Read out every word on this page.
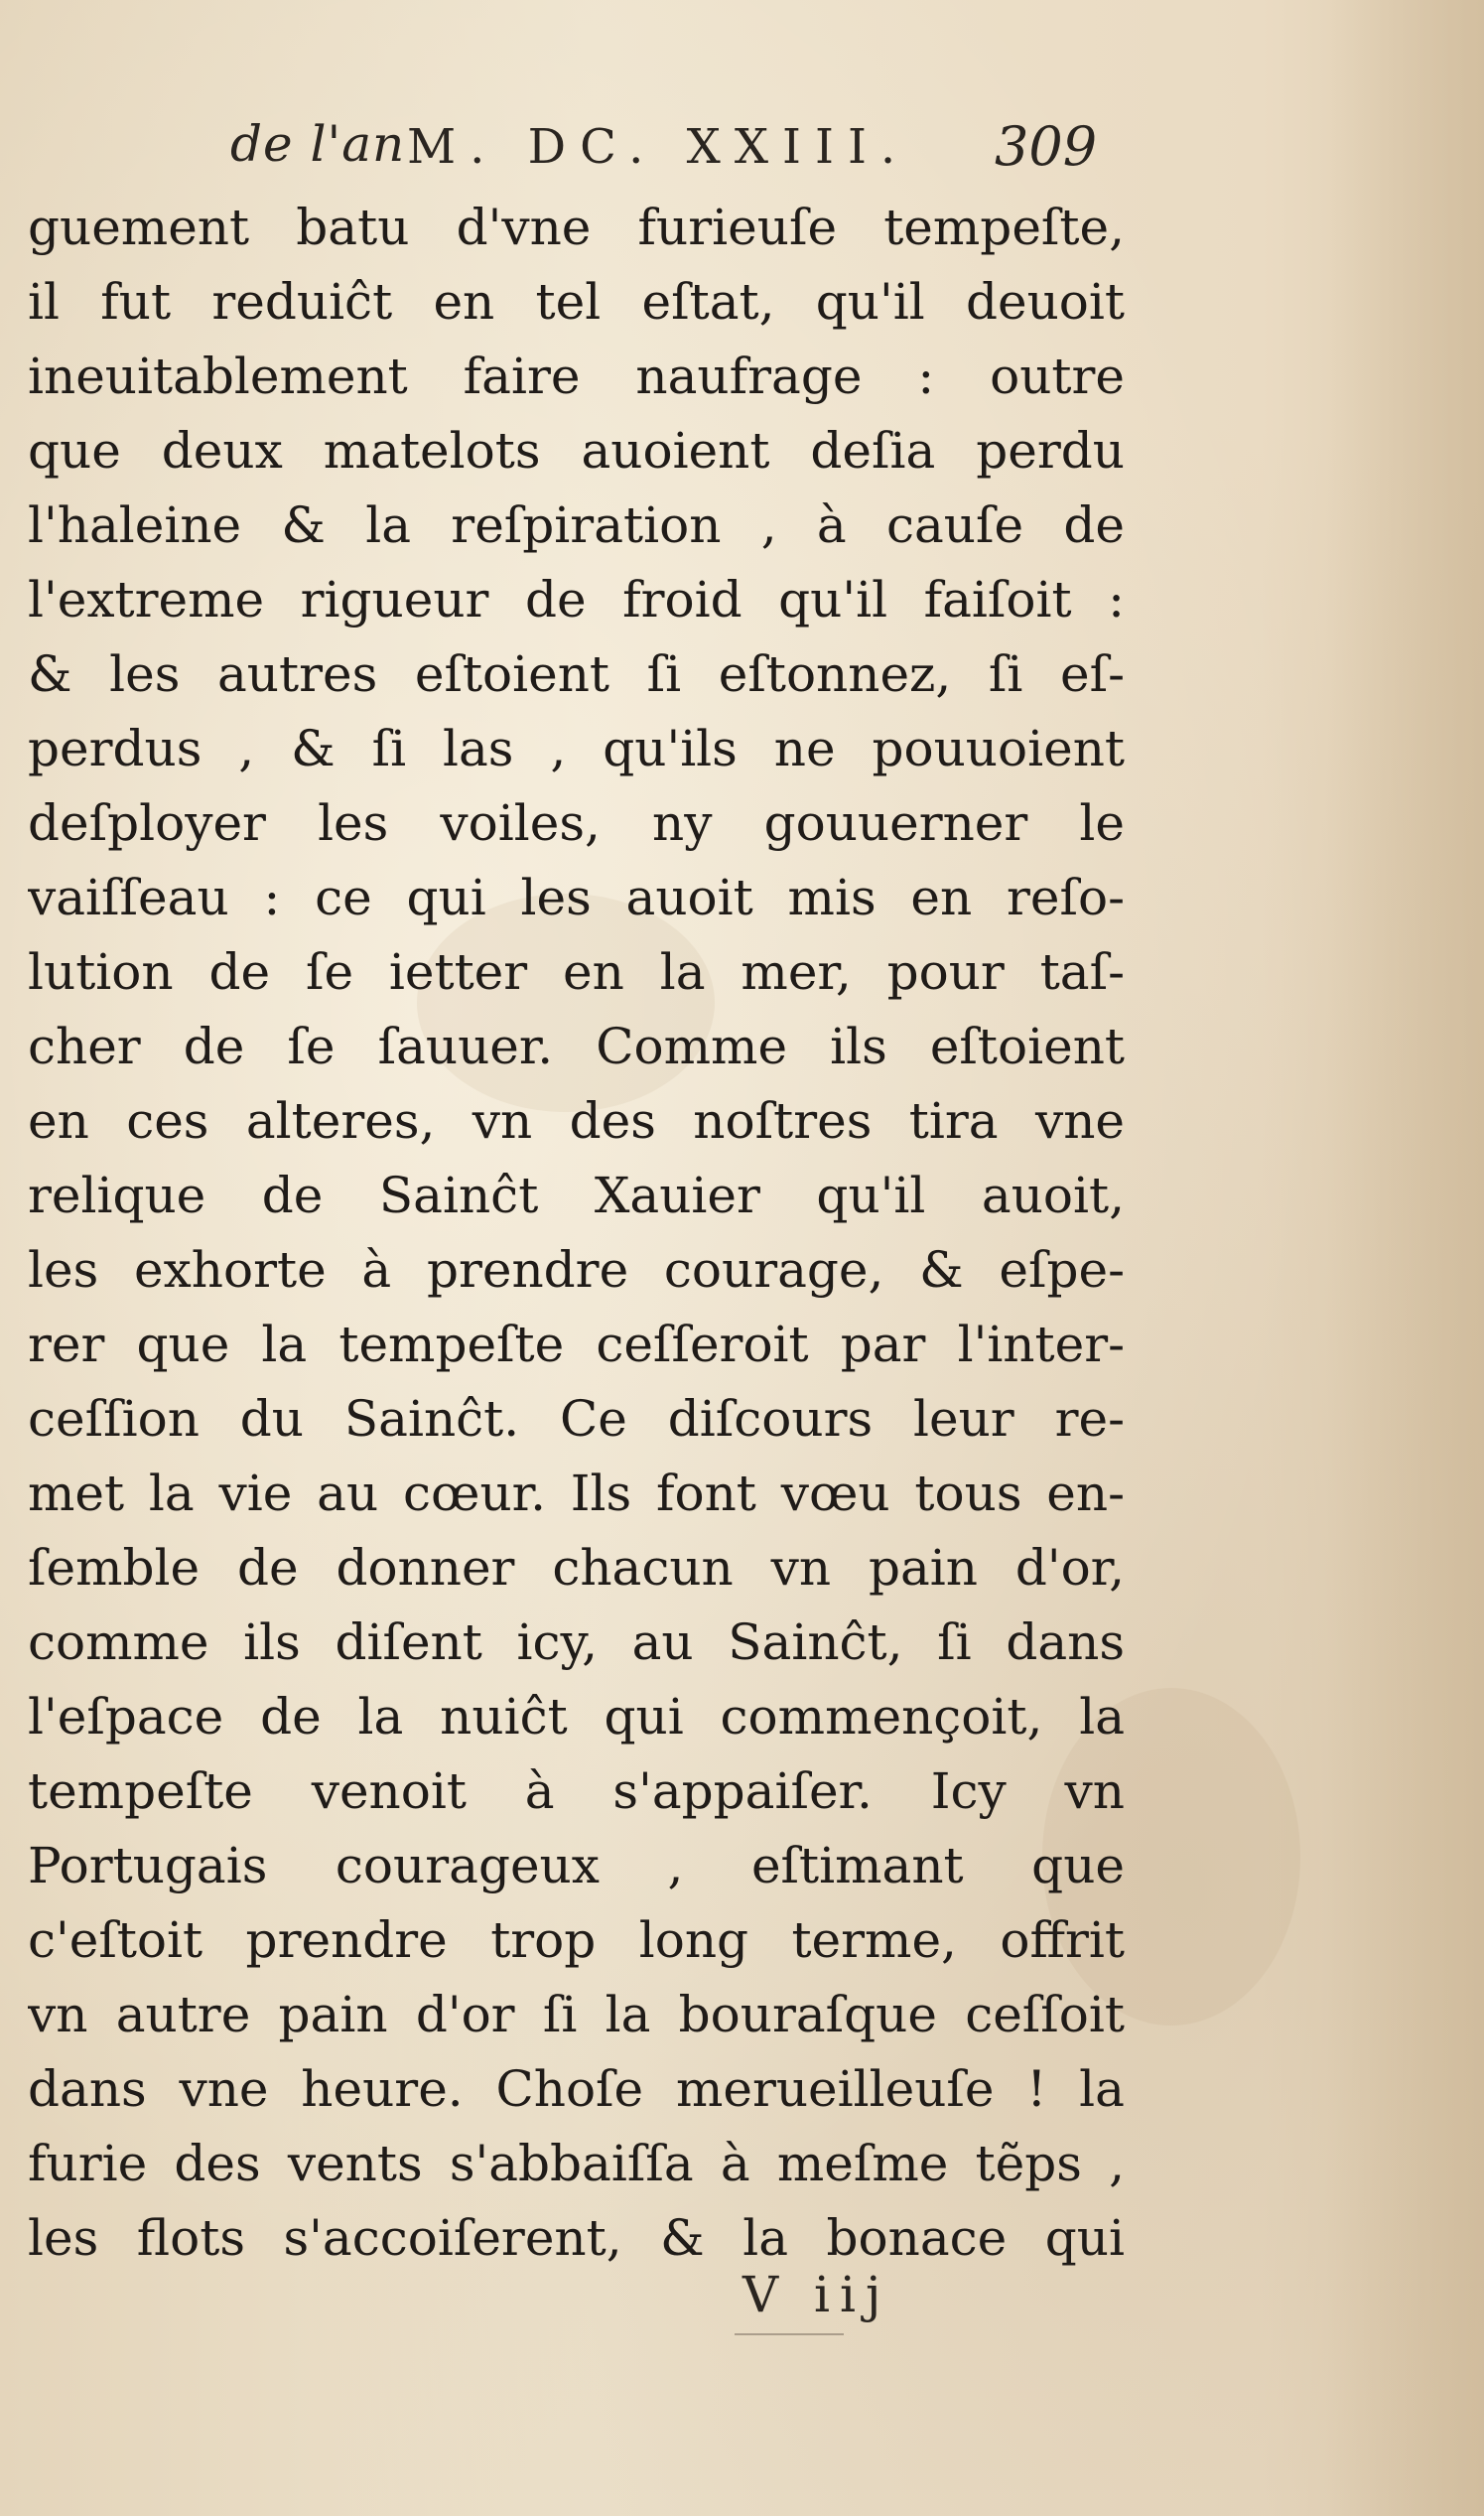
de l'an M. DC. XXIII. 309
guement batu d'vne furieuſe tempeſte,
il fut reduiĉt en tel eſtat, qu'il deuoit
ineuitablement faire naufrage : outre
que deux matelots auoient deſia perdu
l'haleine & la reſpiration , à cauſe de
l'extreme rigueur de froid qu'il faiſoit :
& les autres eſtoient ſi eſtonnez, ſi eſ-
perdus , & ſi las , qu'ils ne pouuoient
deſployer les voiles, ny gouuerner le
vaiſſeau : ce qui les auoit mis en reſo-
lution de ſe ietter en la mer, pour taſ-
cher de ſe ſauuer. Comme ils eſtoient
en ces alteres, vn des noſtres tira vne
relique de Sainĉt Xauier qu'il auoit,
les exhorte à prendre courage, & eſpe-
rer que la tempeſte ceſſeroit par l'inter-
ceſſion du Sainĉt. Ce diſcours leur re-
met la vie au cœur. Ils font vœu tous en-
ſemble de donner chacun vn pain d'or,
comme ils diſent icy, au Sainĉt, ſi dans
l'eſpace de la nuiĉt qui commençoit, la
tempeſte venoit à s'appaiſer. Icy vn
Portugais courageux , eſtimant que
c'eſtoit prendre trop long terme, offrit
vn autre pain d'or ſi la bouraſque ceſſoit
dans vne heure. Choſe merueilleuſe ! la
furie des vents s'abbaiſſa à meſme tẽps ,
les flots s'accoiſerent, & la bonace qui
V iij
